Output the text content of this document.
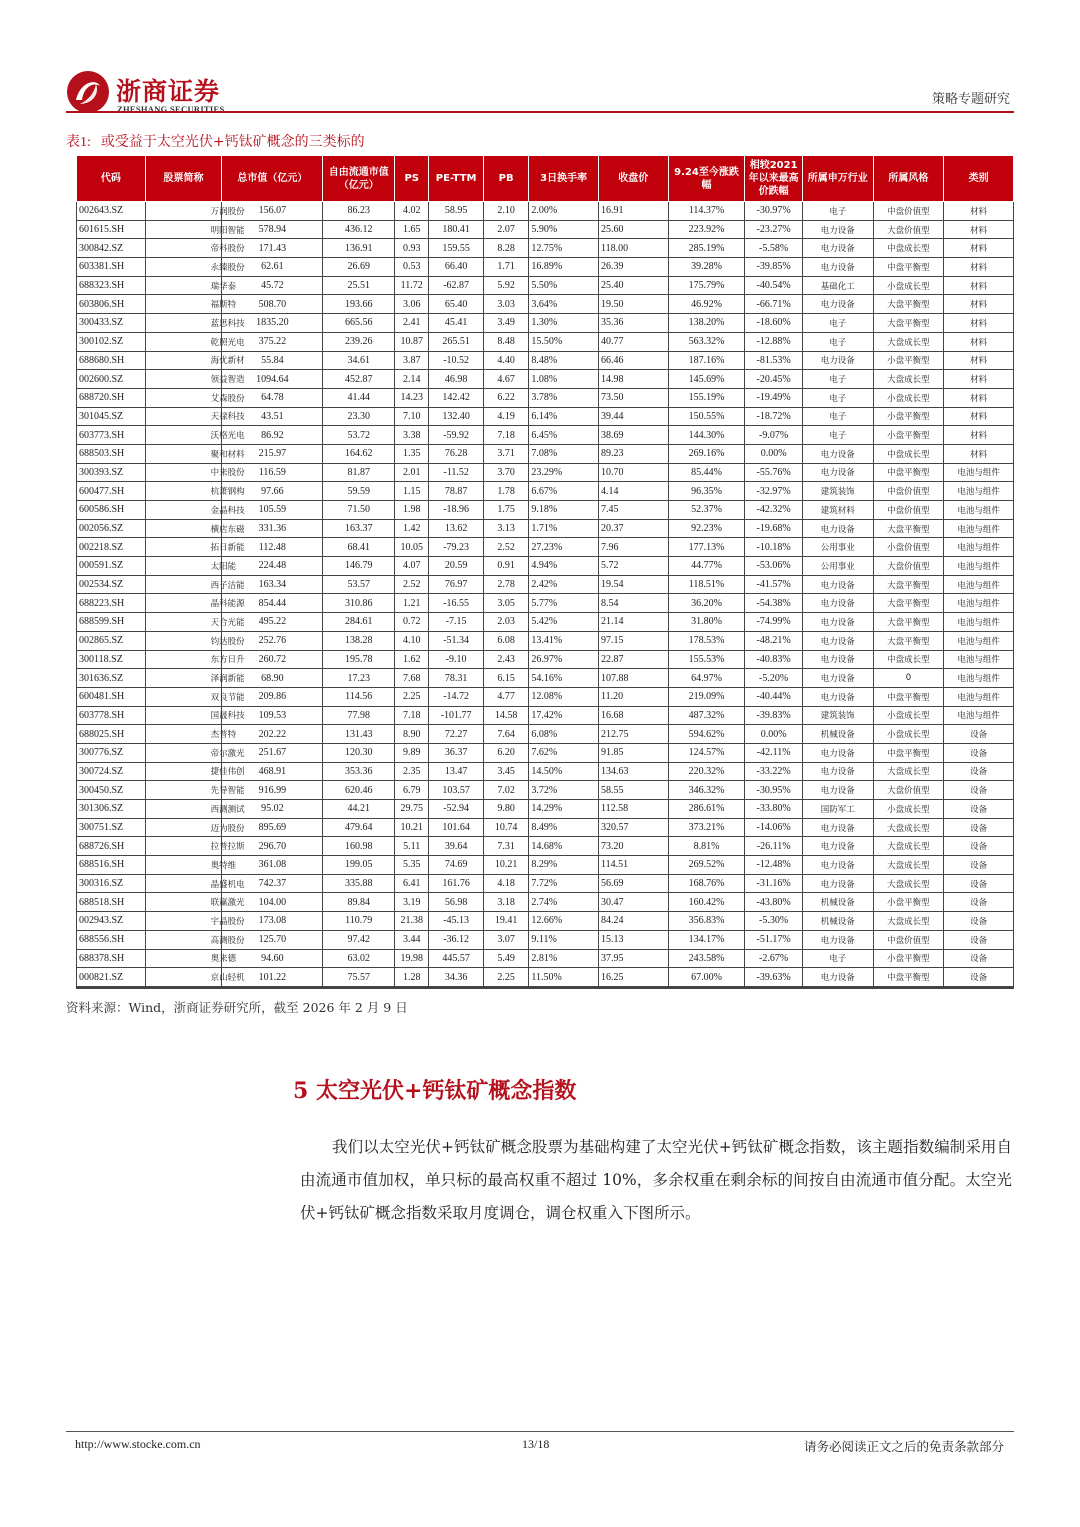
浙商证券
ZHESHANG SECURITIES
策略专题研究
表1: 或受益于太空光伏+钙钛矿概念的三类标的
代码	股票简称	总市值（亿元）	自由流通市值（亿元）	PS	PE-TTM	PB	3日换手率	收盘价	9.24至今涨跌幅	相较2021年以来最高价跌幅	所属申万行业	所属风格	类别
002643.SZ	万润股份	156.07	86.23	4.02	58.95	2.10	2.00%	16.91	114.37%	-30.97%	电子	中盘价值型	材料
601615.SH	明阳智能	578.94	436.12	1.65	180.41	2.07	5.90%	25.60	223.92%	-23.27%	电力设备	大盘价值型	材料
300842.SZ	帝科股份	171.43	136.91	0.93	159.55	8.28	12.75%	118.00	285.19%	-5.58%	电力设备	中盘成长型	材料
603381.SH	永臻股份	62.61	26.69	0.53	66.40	1.71	16.89%	26.39	39.28%	-39.85%	电力设备	中盘平衡型	材料
688323.SH	瑞华泰	45.72	25.51	11.72	-62.87	5.92	5.50%	25.40	175.79%	-40.54%	基础化工	小盘成长型	材料
603806.SH	福斯特	508.70	193.66	3.06	65.40	3.03	3.64%	19.50	46.92%	-66.71%	电力设备	大盘平衡型	材料
300433.SZ	蓝思科技	1835.20	665.56	2.41	45.41	3.49	1.30%	35.36	138.20%	-18.60%	电子	大盘平衡型	材料
300102.SZ	乾照光电	375.22	239.26	10.87	265.51	8.48	15.50%	40.77	563.32%	-12.88%	电子	大盘成长型	材料
688680.SH	海优新材	55.84	34.61	3.87	-10.52	4.40	8.48%	66.46	187.16%	-81.53%	电力设备	小盘平衡型	材料
002600.SZ	领益智造	1094.64	452.87	2.14	46.98	4.67	1.08%	14.98	145.69%	-20.45%	电子	大盘成长型	材料
688720.SH	艾森股份	64.78	41.44	14.23	142.42	6.22	3.78%	73.50	155.19%	-19.49%	电子	小盘成长型	材料
301045.SZ	天禄科技	43.51	23.30	7.10	132.40	4.19	6.14%	39.44	150.55%	-18.72%	电子	小盘平衡型	材料
603773.SH	沃格光电	86.92	53.72	3.38	-59.92	7.18	6.45%	38.69	144.30%	-9.07%	电子	小盘平衡型	材料
688503.SH	聚和材料	215.97	164.62	1.35	76.28	3.71	7.08%	89.23	269.16%	0.00%	电力设备	中盘成长型	材料
300393.SZ	中来股份	116.59	81.87	2.01	-11.52	3.70	23.29%	10.70	85.44%	-55.76%	电力设备	中盘平衡型	电池与组件
600477.SH	杭萧钢构	97.66	59.59	1.15	78.87	1.78	6.67%	4.14	96.35%	-32.97%	建筑装饰	中盘价值型	电池与组件
600586.SH	金晶科技	105.59	71.50	1.98	-18.96	1.75	9.18%	7.45	52.37%	-42.32%	建筑材料	中盘价值型	电池与组件
002056.SZ	横店东磁	331.36	163.37	1.42	13.62	3.13	1.71%	20.37	92.23%	-19.68%	电力设备	大盘平衡型	电池与组件
002218.SZ	拓日新能	112.48	68.41	10.05	-79.23	2.52	27.23%	7.96	177.13%	-10.18%	公用事业	小盘价值型	电池与组件
000591.SZ	太阳能	224.48	146.79	4.07	20.59	0.91	4.94%	5.72	44.77%	-53.06%	公用事业	大盘价值型	电池与组件
002534.SZ	西子洁能	163.34	53.57	2.52	76.97	2.78	2.42%	19.54	118.51%	-41.57%	电力设备	大盘平衡型	电池与组件
688223.SH	晶科能源	854.44	310.86	1.21	-16.55	3.05	5.77%	8.54	36.20%	-54.38%	电力设备	大盘平衡型	电池与组件
688599.SH	天合光能	495.22	284.61	0.72	-7.15	2.03	5.42%	21.14	31.80%	-74.99%	电力设备	大盘平衡型	电池与组件
002865.SZ	钧达股份	252.76	138.28	4.10	-51.34	6.08	13.41%	97.15	178.53%	-48.21%	电力设备	大盘平衡型	电池与组件
300118.SZ	东方日升	260.72	195.78	1.62	-9.10	2.43	26.97%	22.87	155.53%	-40.83%	电力设备	中盘成长型	电池与组件
301636.SZ	泽润新能	68.90	17.23	7.68	78.31	6.15	54.16%	107.88	64.97%	-5.20%	电力设备	0	电池与组件
600481.SH	双良节能	209.86	114.56	2.25	-14.72	4.77	12.08%	11.20	219.09%	-40.44%	电力设备	中盘平衡型	电池与组件
603778.SH	国晟科技	109.53	77.98	7.18	-101.77	14.58	17.42%	16.68	487.32%	-39.83%	建筑装饰	小盘成长型	电池与组件
688025.SH	杰普特	202.22	131.43	8.90	72.27	7.64	6.08%	212.75	594.62%	0.00%	机械设备	小盘成长型	设备
300776.SZ	帝尔激光	251.67	120.30	9.89	36.37	6.20	7.62%	91.85	124.57%	-42.11%	电力设备	中盘平衡型	设备
300724.SZ	捷佳伟创	468.91	353.36	2.35	13.47	3.45	14.50%	134.63	220.32%	-33.22%	电力设备	大盘成长型	设备
300450.SZ	先导智能	916.99	620.46	6.79	103.57	7.02	3.72%	58.55	346.32%	-30.95%	电力设备	大盘价值型	设备
301306.SZ	西测测试	95.02	44.21	29.75	-52.94	9.80	14.29%	112.58	286.61%	-33.80%	国防军工	小盘成长型	设备
300751.SZ	迈为股份	895.69	479.64	10.21	101.64	10.74	8.49%	320.57	373.21%	-14.06%	电力设备	大盘成长型	设备
688726.SH	拉普拉斯	296.70	160.98	5.11	39.64	7.31	14.68%	73.20	8.81%	-26.11%	电力设备	大盘成长型	设备
688516.SH	奥特维	361.08	199.05	5.35	74.69	10.21	8.29%	114.51	269.52%	-12.48%	电力设备	大盘成长型	设备
300316.SZ	晶盛机电	742.37	335.88	6.41	161.76	4.18	7.72%	56.69	168.76%	-31.16%	电力设备	大盘成长型	设备
688518.SH	联赢激光	104.00	89.84	3.19	56.98	3.18	2.74%	30.47	160.42%	-43.80%	机械设备	小盘平衡型	设备
002943.SZ	宇晶股份	173.08	110.79	21.38	-45.13	19.41	12.66%	84.24	356.83%	-5.30%	机械设备	大盘成长型	设备
688556.SH	高测股份	125.70	97.42	3.44	-36.12	3.07	9.11%	15.13	134.17%	-51.17%	电力设备	中盘价值型	设备
688378.SH	奥来德	94.60	63.02	19.98	445.57	5.49	2.81%	37.95	243.58%	-2.67%	电子	小盘平衡型	设备
000821.SZ	京山轻机	101.22	75.57	1.28	34.36	2.25	11.50%	16.25	67.00%	-39.63%	电力设备	中盘平衡型	设备
资料来源：Wind，浙商证券研究所，截至 2026 年 2 月 9 日
5 太空光伏+钙钛矿概念指数
我们以太空光伏+钙钛矿概念股票为基础构建了太空光伏+钙钛矿概念指数，该主题指数编制采用自由流通市值加权，单只标的最高权重不超过 10%，多余权重在剩余标的间按自由流通市值分配。太空光伏+钙钛矿概念指数采取月度调仓，调仓权重入下图所示。
http://www.stocke.com.cn	13/18	请务必阅读正文之后的免责条款部分
